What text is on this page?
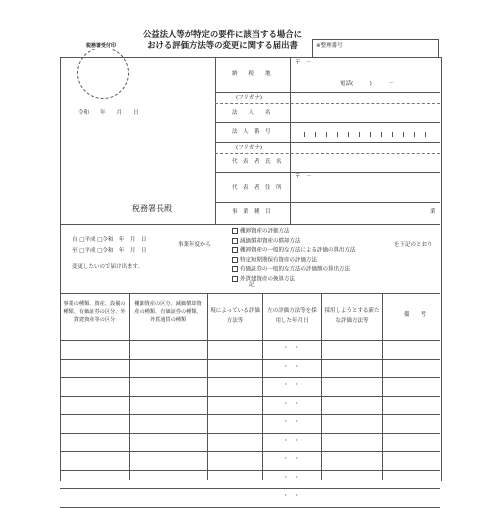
税務署受付印
公益法人等が特定の要件に該当する場合に
おける評価方法等の変更に関する届出書	※整理番号
令和　　年　　月　　日
税務署長殿
納　　税　　地
〒　－
電話(　　　)　　　－
(フリガナ)
法　　人　　名
法　人　番　号
(フリガナ)
代　表　者　氏　名
〒　－
代　表　者　住　所
事　業　種　目	業
自 □平成 □令和　年　月　日
至 □平成 □令和　年　月　日
事業年度から
変更したいので届け出ます。
棚卸資産の評価方法
減価償却資産の償却方法
棚卸資産の一般的な方法による評価の算出方法
特定短期期保有資産の評価方法
有価証券の一般的な方法の評価額の算出方法
外貨建資産の換算方法
を下記のとおり
記
事業の種類、資産、設備の種類、有価証券の区分、外貨建資産等の区分
棚卸資産の区分、減価償却資産の種類、有価証券の種類、外貨通貨の種類
現によっている評価方法等
左の評価方法等を採用した年月日
採用しようとする新たな評価方法等
備　　考
・　・
・　・
・　・
・　・
・　・
・　・
・　・
・　・
・　・
